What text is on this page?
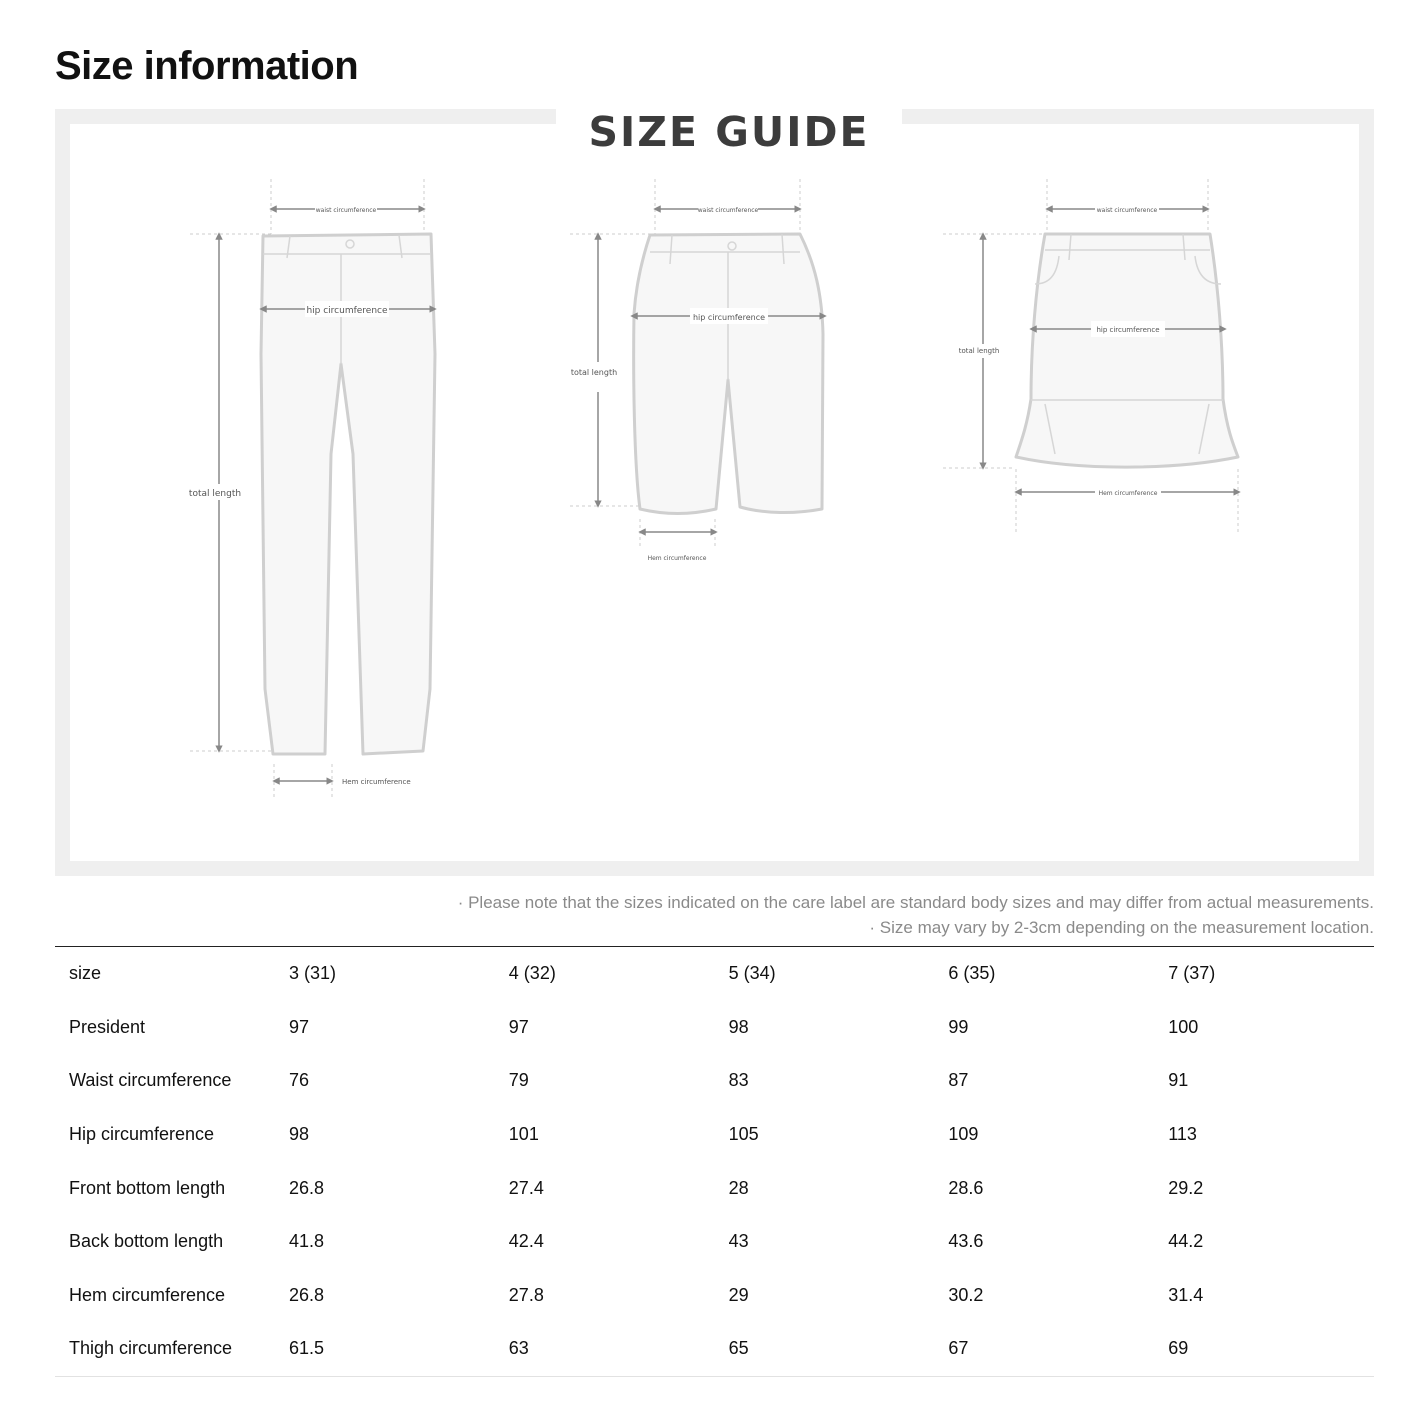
Size information
SIZE GUIDE
waist circumference
hip circumference
total length
Hem circumference
waist circumference
hip circumference
total length
Hem circumference
waist circumference
hip circumference
total length
Hem circumference
· Please note that the sizes indicated on the care label are standard body sizes and may differ from actual measurements.
· Size may vary by 2-3cm depending on the measurement location.
size	3 (31)	4 (32)	5 (34)	6 (35)	7 (37)
President	97	97	98	99	100
Waist circumference	76	79	83	87	91
Hip circumference	98	101	105	109	113
Front bottom length	26.8	27.4	28	28.6	29.2
Back bottom length	41.8	42.4	43	43.6	44.2
Hem circumference	26.8	27.8	29	30.2	31.4
Thigh circumference	61.5	63	65	67	69
